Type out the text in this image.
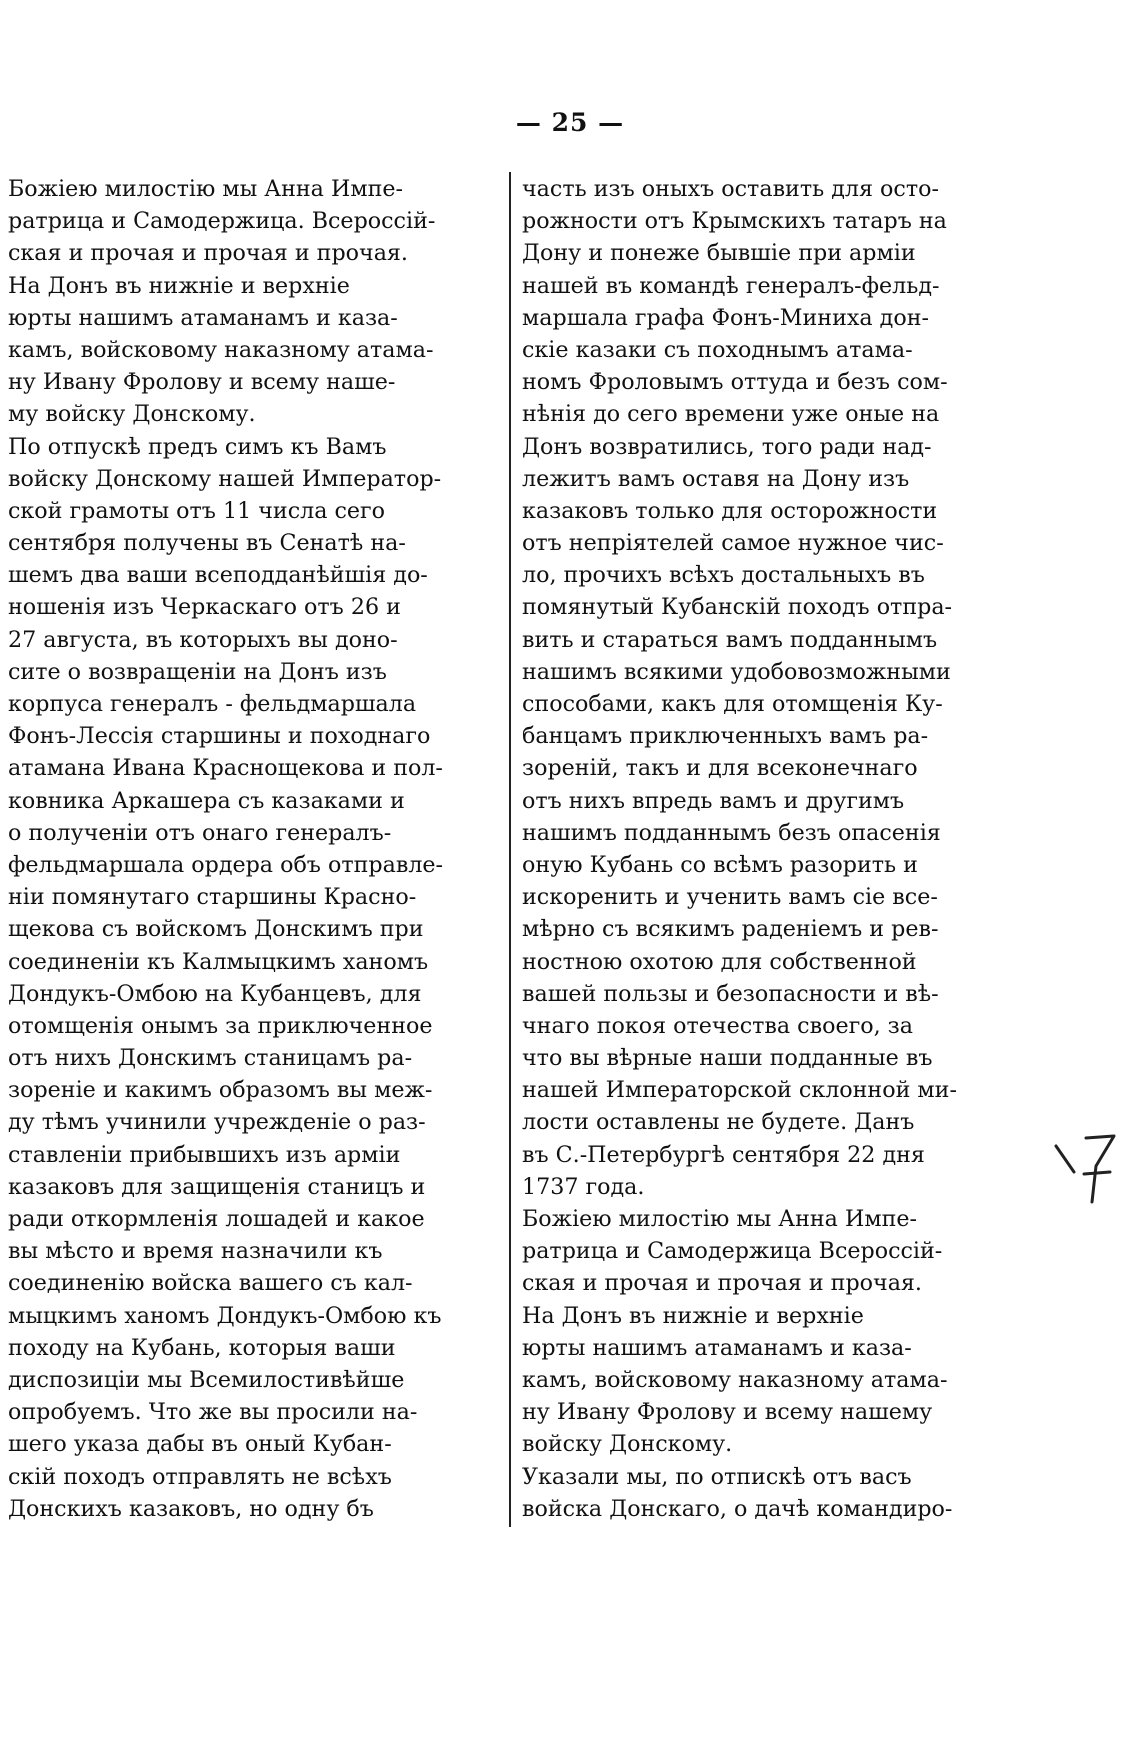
— 25 —
Божiею милостiю мы Анна Импе-
ратрица и Самодержица. Всероссiй-
ская и прочая и прочая и прочая.
На Донъ въ нижнiе и верхнiе
юрты нашимъ атаманамъ и каза-
камъ, войсковому наказному атама-
ну Ивану Фролову и всему наше-
му войску Донскому.
По отпускѣ предъ симъ къ Вамъ
войску Донскому нашей Император-
ской грамоты отъ 11 числа сего
сентября получены въ Сенатѣ на-
шемъ два ваши всеподданѣйшiя до-
ношенiя изъ Черкаскаго отъ 26 и
27 августа, въ которыхъ вы доно-
сите о возвращенiи на Донъ изъ
корпуса генералъ - фельдмаршала
Фонъ-Лессiя старшины и походнаго
атамана Ивана Краснощекова и пол-
ковника Аркашера съ казаками и
о полученiи отъ онаго генералъ-
фельдмаршала ордера объ отправле-
нiи помянутаго старшины Красно-
щекова съ войскомъ Донскимъ при
соединенiи къ Калмыцкимъ ханомъ
Дондукъ-Омбою на Кубанцевъ, для
отомщенiя онымъ за приключенное
отъ нихъ Донскимъ станицамъ ра-
зоренiе и какимъ образомъ вы меж-
ду тѣмъ учинили учрежденiе о раз-
ставленiи прибывшихъ изъ армiи
казаковъ для защищенiя станицъ и
ради откормленiя лошадей и какое
вы мѣсто и время назначили къ
соединенiю войска вашего съ кал-
мыцкимъ ханомъ Дондукъ-Омбою къ
походу на Кубань, которыя ваши
диспозицiи мы Всемилостивѣйше
опробуемъ. Что же вы просили на-
шего указа дабы въ оный Кубан-
скiй походъ отправлять не всѣхъ
Донскихъ казаковъ, но одну бъ
часть изъ оныхъ оставить для осто-
рожности отъ Крымскихъ татаръ на
Дону и понеже бывшiе при армiи
нашей въ командѣ генералъ-фельд-
маршала графа Фонъ-Миниха дон-
скiе казаки съ походнымъ атама-
номъ Фроловымъ оттуда и безъ сом-
нѣнiя до сего времени уже оные на
Донъ возвратились, того ради над-
лежитъ вамъ оставя на Дону изъ
казаковъ только для осторожности
отъ непрiятелей самое нужное чис-
ло, прочихъ всѣхъ достальныхъ въ
помянутый Кубанскiй походъ отпра-
вить и стараться вамъ подданнымъ
нашимъ всякими удобовозможными
способами, какъ для отомщенiя Ку-
банцамъ приключенныхъ вамъ ра-
зоренiй, такъ и для всеконечнаго
отъ нихъ впредь вамъ и другимъ
нашимъ подданнымъ безъ опасенiя
оную Кубань со всѣмъ разорить и
искоренить и ученить вамъ сiе все-
мѣрно съ всякимъ раденiемъ и рев-
ностною охотою для собственной
вашей пользы и безопасности и вѣ-
чнаго покоя отечества своего, за
что вы вѣрные наши подданные въ
нашей Императорской склонной ми-
лости оставлены не будете. Данъ
въ С.-Петербургѣ сентября 22 дня
1737 года.
Божiею милостiю мы Анна Импе-
ратрица и Самодержица Всероссiй-
ская и прочая и прочая и прочая.
На Донъ въ нижнiе и верхнiе
юрты нашимъ атаманамъ и каза-
камъ, войсковому наказному атама-
ну Ивану Фролову и всему нашему
войску Донскому.
Указали мы, по отпискѣ отъ васъ
войска Донскаго, о дачѣ командиро-
